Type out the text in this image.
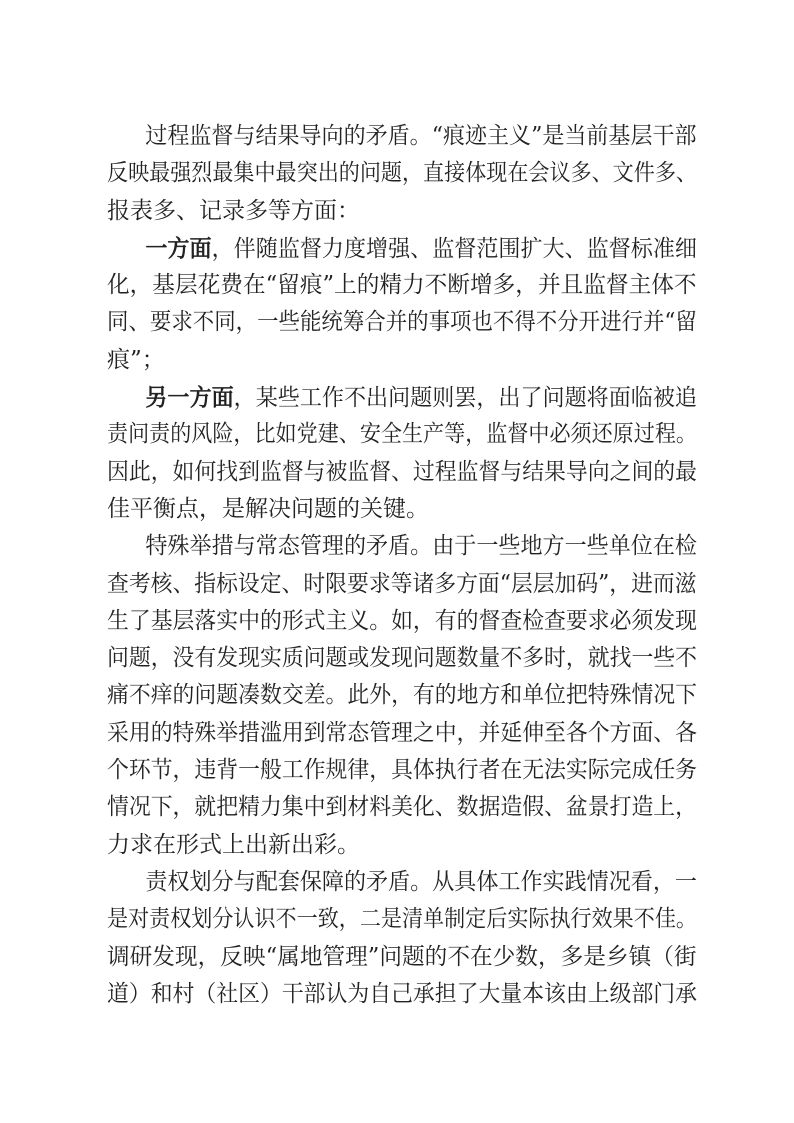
过程监督与结果导向的矛盾。“痕迹主义”是当前基层干部
反映最强烈最集中最突出的问题，直接体现在会议多、文件多、
报表多、记录多等方面：
一方面，伴随监督力度增强、监督范围扩大、监督标准细
化，基层花费在“留痕”上的精力不断增多，并且监督主体不
同、要求不同，一些能统筹合并的事项也不得不分开进行并“留
痕”；
另一方面，某些工作不出问题则罢，出了问题将面临被追
责问责的风险，比如党建、安全生产等，监督中必须还原过程。
因此，如何找到监督与被监督、过程监督与结果导向之间的最
佳平衡点，是解决问题的关键。
特殊举措与常态管理的矛盾。由于一些地方一些单位在检
查考核、指标设定、时限要求等诸多方面“层层加码”，进而滋
生了基层落实中的形式主义。如，有的督查检查要求必须发现
问题，没有发现实质问题或发现问题数量不多时，就找一些不
痛不痒的问题凑数交差。此外，有的地方和单位把特殊情况下
采用的特殊举措滥用到常态管理之中，并延伸至各个方面、各
个环节，违背一般工作规律，具体执行者在无法实际完成任务
情况下，就把精力集中到材料美化、数据造假、盆景打造上，
力求在形式上出新出彩。
责权划分与配套保障的矛盾。从具体工作实践情况看，一
是对责权划分认识不一致，二是清单制定后实际执行效果不佳。
调研发现，反映“属地管理”问题的不在少数，多是乡镇（街
道）和村（社区）干部认为自己承担了大量本该由上级部门承
